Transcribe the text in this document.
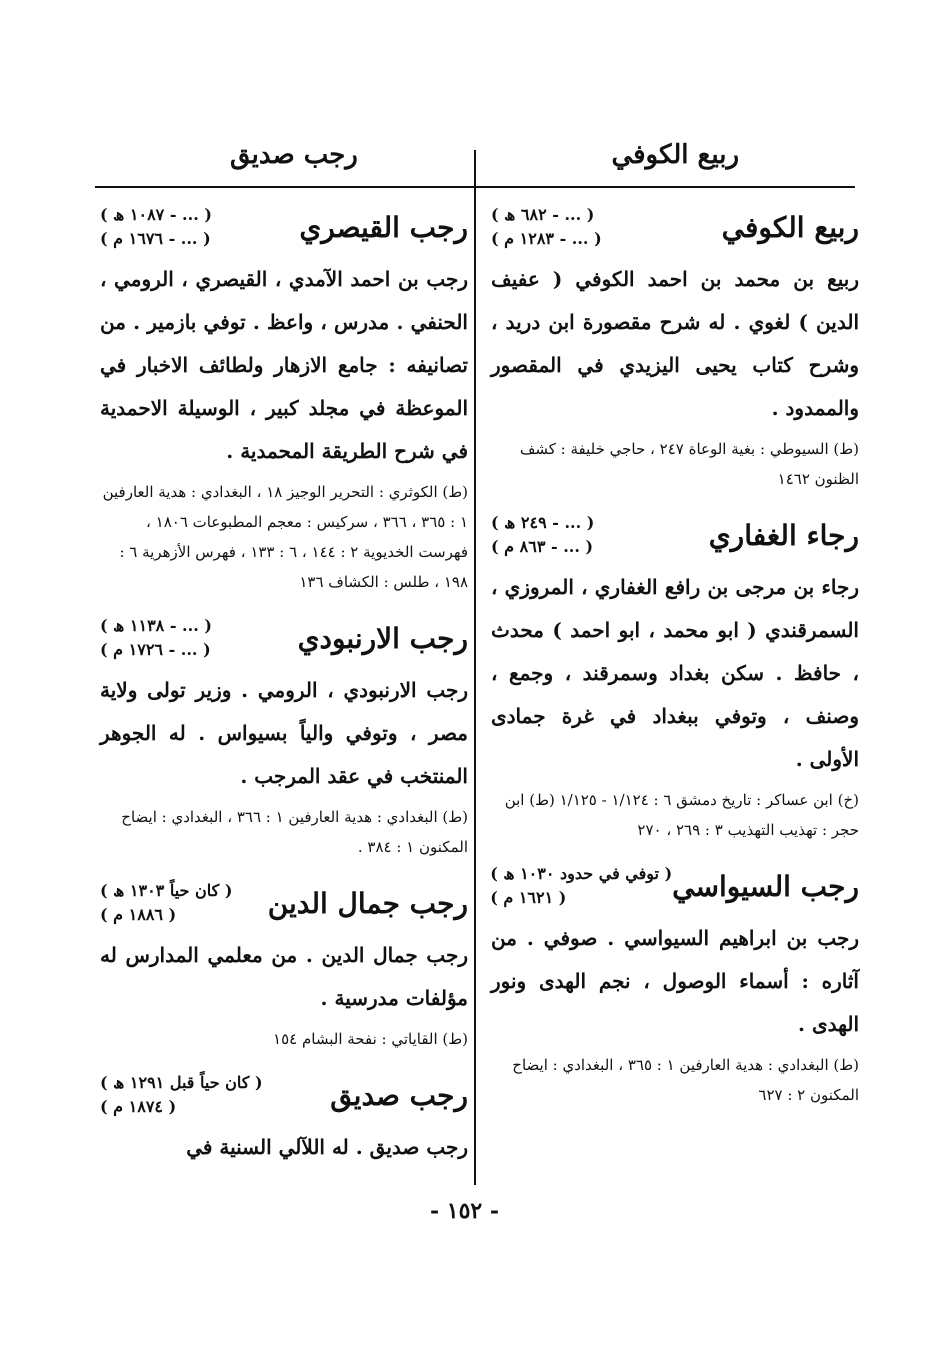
ربيع الكوفي
رجب صديق
ربيع الكوفي
( ... - ٦٨٢ ھ )
( ... - ١٢٨٣ م )

ربيع بن محمد بن احمد الكوفي ( عفيف الدين ) لغوي . له شرح مقصورة ابن دريد ، وشرح كتاب يحيى اليزيدي في المقصور والممدود .

(ط) السيوطي : بغية الوعاة ٢٤٧ ، حاجي خليفة : كشف الظنون ١٤٦٢

رجاء الغفاري
( ... - ٢٤٩ ھ )
( ... - ٨٦٣ م )

رجاء بن مرجى بن رافع الغفاري ، المروزي ، السمرقندي ( ابو محمد ، ابو احمد ) محدث ، حافظ . سكن بغداد وسمرقند ، وجمع ، وصنف ، وتوفي ببغداد في غرة جمادى الأولى .

(خ) ابن عساكر : تاريخ دمشق ٦ : ١/١٢٤ - ١/١٢٥ (ط) ابن حجر : تهذيب التهذيب ٣ : ٢٦٩ ، ٢٧٠

رجب السيواسي
( توفي في حدود ١٠٣٠ ھ )
( ١٦٢١ م )

رجب بن ابراهيم السيواسي . صوفي . من آثاره : أسماء الوصول ، نجم الهدى ونور الهدى .

(ط) البغدادي : هدية العارفين ١ : ٣٦٥ ، البغدادي : ايضاح المكنون ٢ : ٦٢٧

رجب القيصري
( ... - ١٠٨٧ ھ )
( ... - ١٦٧٦ م )

رجب بن احمد الآمدي ، القيصري ، الرومي ، الحنفي . مدرس ، واعظ . توفي بازمير . من تصانيفه : جامع الازهار ولطائف الاخبار في الموعظة في مجلد كبير ، الوسيلة الاحمدية في شرح الطريقة المحمدية .

(ط) الكوثري : التحرير الوجيز ١٨ ، البغدادي : هدية العارفين ١ : ٣٦٥ ، ٣٦٦ ، سركيس : معجم المطبوعات ١٨٠٦ ، فهرست الخديوية ٢ : ١٤٤ ، ٦ : ١٣٣ ، فهرس الأزهرية ٦ : ١٩٨ ، طلس : الكشاف ١٣٦

رجب الارنبودي
( ... - ١١٣٨ ھ )
( ... - ١٧٢٦ م )

رجب الارنبودي ، الرومي . وزير تولى ولاية مصر ، وتوفي والياً بسيواس . له الجوهر المنتخب في عقد المرجب .

(ط) البغدادي : هدية العارفين ١ : ٣٦٦ ، البغدادي : ايضاح المكنون ١ : ٣٨٤ .

رجب جمال الدين
( كان حياً ١٣٠٣ ھ )
( ١٨٨٦ م )

رجب جمال الدين . من معلمي المدارس له مؤلفات مدرسية .

(ط) القاياتي : نفحة البشام ١٥٤

رجب صديق
( كان حياً قبل ١٢٩١ ھ )
( ١٨٧٤ م )

رجب صديق . له اللآلي السنية في

- ١٥٢ -
